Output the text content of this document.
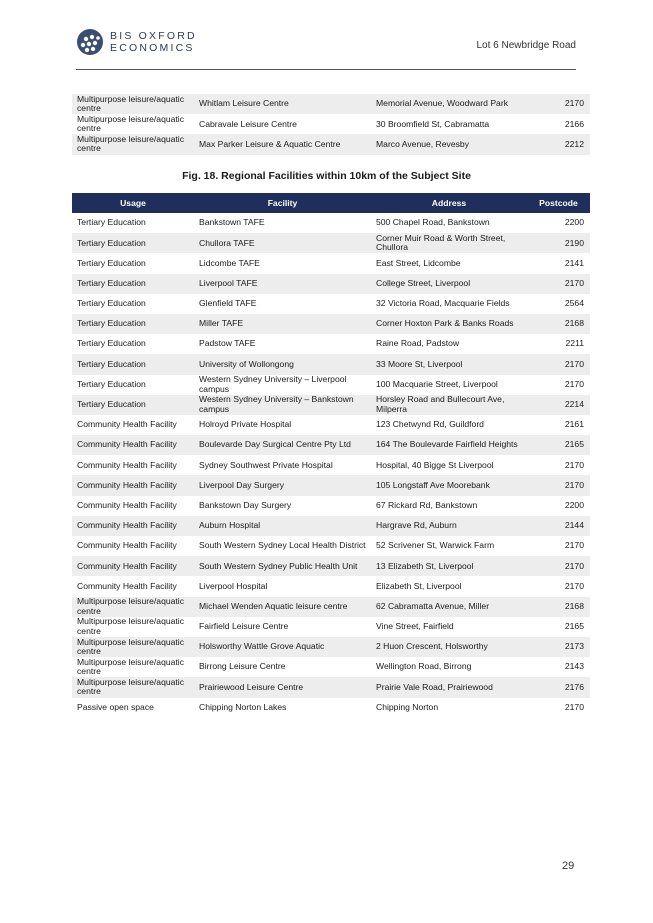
BIS OXFORD
ECONOMICS	Lot 6 Newbridge Road
Multipurpose leisure/aquatic centre	Whitlam Leisure Centre	Memorial Avenue, Woodward Park	2170
Multipurpose leisure/aquatic centre	Cabravale Leisure Centre	30 Broomfield St, Cabramatta	2166
Multipurpose leisure/aquatic centre	Max Parker Leisure & Aquatic Centre	Marco Avenue, Revesby	2212
Fig. 18. Regional Facilities within 10km of the Subject Site
Usage	Facility	Address	Postcode
Tertiary Education	Bankstown TAFE	500 Chapel Road, Bankstown	2200
Tertiary Education	Chullora TAFE	Corner Muir Road & Worth Street, Chullora	2190
Tertiary Education	Lidcombe TAFE	East Street, Lidcombe	2141
Tertiary Education	Liverpool TAFE	College Street, Liverpool	2170
Tertiary Education	Glenfield TAFE	32 Victoria Road, Macquarie Fields	2564
Tertiary Education	Miller TAFE	Corner Hoxton Park & Banks Roads	2168
Tertiary Education	Padstow TAFE	Raine Road, Padstow	2211
Tertiary Education	University of Wollongong	33 Moore St, Liverpool	2170
Tertiary Education	Western Sydney University – Liverpool campus	100 Macquarie Street, Liverpool	2170
Tertiary Education	Western Sydney University – Bankstown campus	Horsley Road and Bullecourt Ave, Milperra	2214
Community Health Facility	Holroyd Private Hospital	123 Chetwynd Rd, Guildford	2161
Community Health Facility	Boulevarde Day Surgical Centre Pty Ltd	164 The Boulevarde Fairfield Heights	2165
Community Health Facility	Sydney Southwest Private Hospital	Hospital, 40 Bigge St Liverpool	2170
Community Health Facility	Liverpool Day Surgery	105 Longstaff Ave Moorebank	2170
Community Health Facility	Bankstown Day Surgery	67 Rickard Rd, Bankstown	2200
Community Health Facility	Auburn Hospital	Hargrave Rd, Auburn	2144
Community Health Facility	South Western Sydney Local Health District	52 Scrivener St, Warwick Farm	2170
Community Health Facility	South Western Sydney Public Health Unit	13 Elizabeth St, Liverpool	2170
Community Health Facility	Liverpool Hospital	Elizabeth St, Liverpool	2170
Multipurpose leisure/aquatic centre	Michael Wenden Aquatic leisure centre	62 Cabramatta Avenue, Miller	2168
Multipurpose leisure/aquatic centre	Fairfield Leisure Centre	Vine Street, Fairfield	2165
Multipurpose leisure/aquatic centre	Holsworthy Wattle Grove Aquatic	2 Huon Crescent, Holsworthy	2173
Multipurpose leisure/aquatic centre	Birrong Leisure Centre	Wellington Road, Birrong	2143
Multipurpose leisure/aquatic centre	Prairiewood Leisure Centre	Prairie Vale Road, Prairiewood	2176
Passive open space	Chipping Norton Lakes	Chipping Norton	2170
29
